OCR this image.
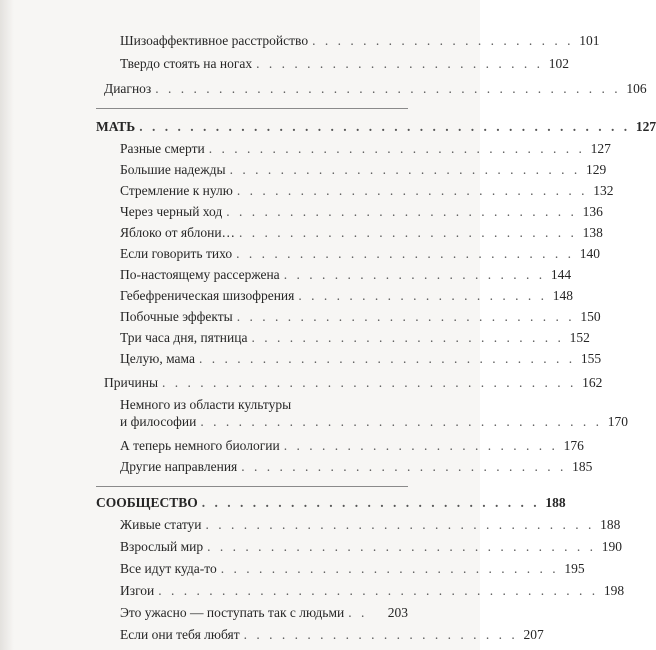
Шизоаффективное расстройство . . . . . . . . . . . . . . . . . . . . . 101
Твердо стоять на ногах . . . . . . . . . . . . . . . . . . . . . . . 102
Диагноз . . . . . . . . . . . . . . . . . . . . . . . . . . . . . . . . . . . . . 106
МАТЬ . . . . . . . . . . . . . . . . . . . . . . . . . . . . . . . . . . . . . . . 127
Разные смерти . . . . . . . . . . . . . . . . . . . . . . . . . . . . . . 127
Большие надежды . . . . . . . . . . . . . . . . . . . . . . . . . . . . 129
Стремление к нулю . . . . . . . . . . . . . . . . . . . . . . . . . . . . 132
Через черный ход . . . . . . . . . . . . . . . . . . . . . . . . . . . . 136
Яблоко от яблони… . . . . . . . . . . . . . . . . . . . . . . . . . . . 138
Если говорить тихо . . . . . . . . . . . . . . . . . . . . . . . . . . . 140
По-настоящему рассержена . . . . . . . . . . . . . . . . . . . . . 144
Гебефреническая шизофрения . . . . . . . . . . . . . . . . . . . . 148
Побочные эффекты . . . . . . . . . . . . . . . . . . . . . . . . . . . 150
Три часа дня, пятница . . . . . . . . . . . . . . . . . . . . . . . . . 152
Целую, мама . . . . . . . . . . . . . . . . . . . . . . . . . . . . . . 155
Причины . . . . . . . . . . . . . . . . . . . . . . . . . . . . . . . . . 162
Немного из области культуры
и философии . . . . . . . . . . . . . . . . . . . . . . . . . . . . . . . . 170
А теперь немного биологии . . . . . . . . . . . . . . . . . . . . . . 176
Другие направления . . . . . . . . . . . . . . . . . . . . . . . . . . 185
СООБЩЕСТВО . . . . . . . . . . . . . . . . . . . . . . . . . . . 188
Живые статуи . . . . . . . . . . . . . . . . . . . . . . . . . . . . . . . 188
Взрослый мир . . . . . . . . . . . . . . . . . . . . . . . . . . . . . . . 190
Все идут куда-то . . . . . . . . . . . . . . . . . . . . . . . . . . . 195
Изгои . . . . . . . . . . . . . . . . . . . . . . . . . . . . . . . . . . . 198
Это ужасно — поступать так с людьми . .	203
Если они тебя любят . . . . . . . . . . . . . . . . . . . . . . 207
